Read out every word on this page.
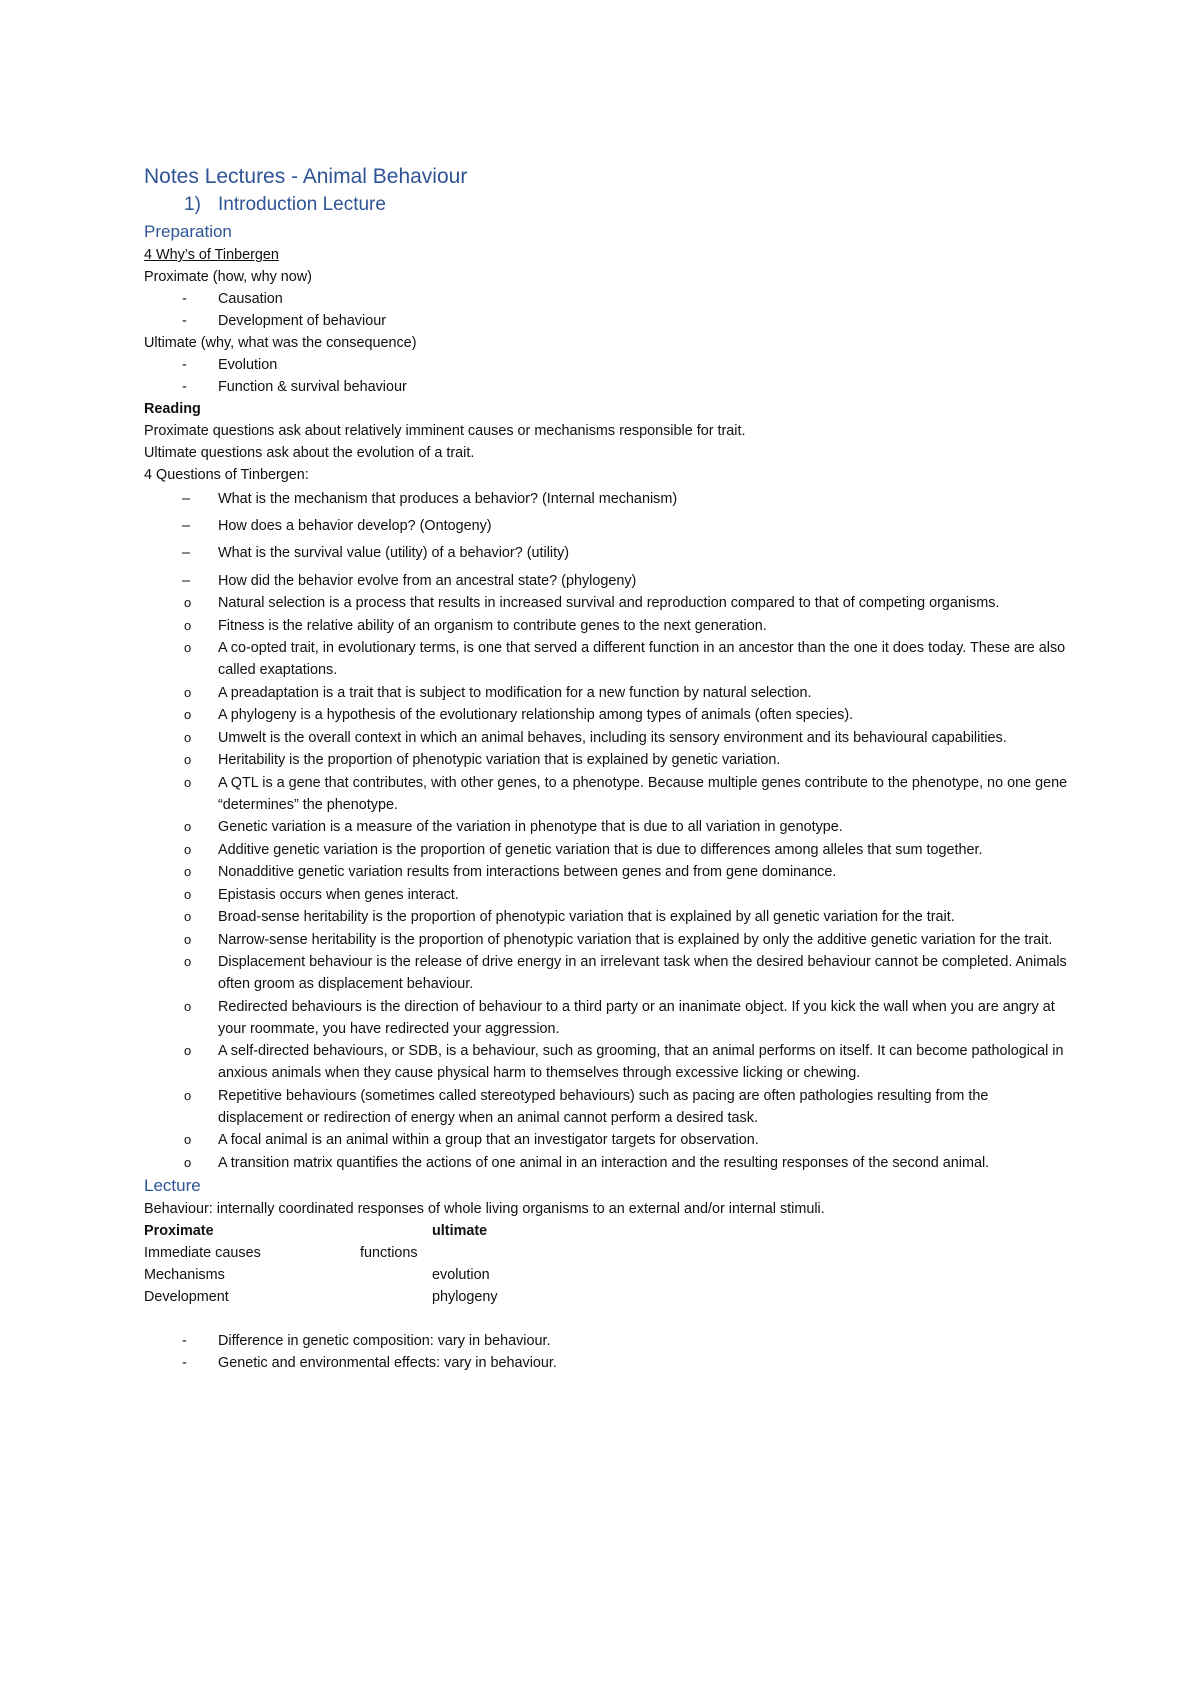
Notes Lectures - Animal Behaviour
1) Introduction Lecture
Preparation

4 Why’s of Tinbergen

Proximate (how, why now)

- Causation
- Development of behaviour

Ultimate (why, what was the consequence)

- Evolution
- Function & survival behaviour

Reading

Proximate questions ask about relatively imminent causes or mechanisms responsible for trait.

Ultimate questions ask about the evolution of a trait.

4 Questions of Tinbergen:

– What is the mechanism that produces a behavior? (Internal mechanism)
– How does a behavior develop? (Ontogeny)
– What is the survival value (utility) of a behavior? (utility)
– How did the behavior evolve from an ancestral state? (phylogeny)
o Natural selection is a process that results in increased survival and reproduction compared to that of competing organisms.
o Fitness is the relative ability of an organism to contribute genes to the next generation.
o A co-opted trait, in evolutionary terms, is one that served a different function in an ancestor than the one it does today. These are also called exaptations.
o A preadaptation is a trait that is subject to modification for a new function by natural selection.
o A phylogeny is a hypothesis of the evolutionary relationship among types of animals (often species).
o Umwelt is the overall context in which an animal behaves, including its sensory environment and its behavioural capabilities.
o Heritability is the proportion of phenotypic variation that is explained by genetic variation.
o A QTL is a gene that contributes, with other genes, to a phenotype. Because multiple genes contribute to the phenotype, no one gene “determines” the phenotype.
o Genetic variation is a measure of the variation in phenotype that is due to all variation in genotype.
o Additive genetic variation is the proportion of genetic variation that is due to differences among alleles that sum together.
o Nonadditive genetic variation results from interactions between genes and from gene dominance.
o Epistasis occurs when genes interact.
o Broad-sense heritability is the proportion of phenotypic variation that is explained by all genetic variation for the trait.
o Narrow-sense heritability is the proportion of phenotypic variation that is explained by only the additive genetic variation for the trait.
o Displacement behaviour is the release of drive energy in an irrelevant task when the desired behaviour cannot be completed. Animals often groom as displacement behaviour.
o Redirected behaviours is the direction of behaviour to a third party or an inanimate object. If you kick the wall when you are angry at your roommate, you have redirected your aggression.
o A self-directed behaviours, or SDB, is a behaviour, such as grooming, that an animal performs on itself. It can become pathological in anxious animals when they cause physical harm to themselves through excessive licking or chewing.
o Repetitive behaviours (sometimes called stereotyped behaviours) such as pacing are often pathologies resulting from the displacement or redirection of energy when an animal cannot perform a desired task.
o A focal animal is an animal within a group that an investigator targets for observation.
o A transition matrix quantifies the actions of one animal in an interaction and the resulting responses of the second animal.
Lecture

Behaviour: internally coordinated responses of whole living organisms to an external and/or internal stimuli.

Proximate	ultimate
Immediate causes	functions
Mechanisms	evolution
Development	phylogeny
- Difference in genetic composition: vary in behaviour.
- Genetic and environmental effects: vary in behaviour.
